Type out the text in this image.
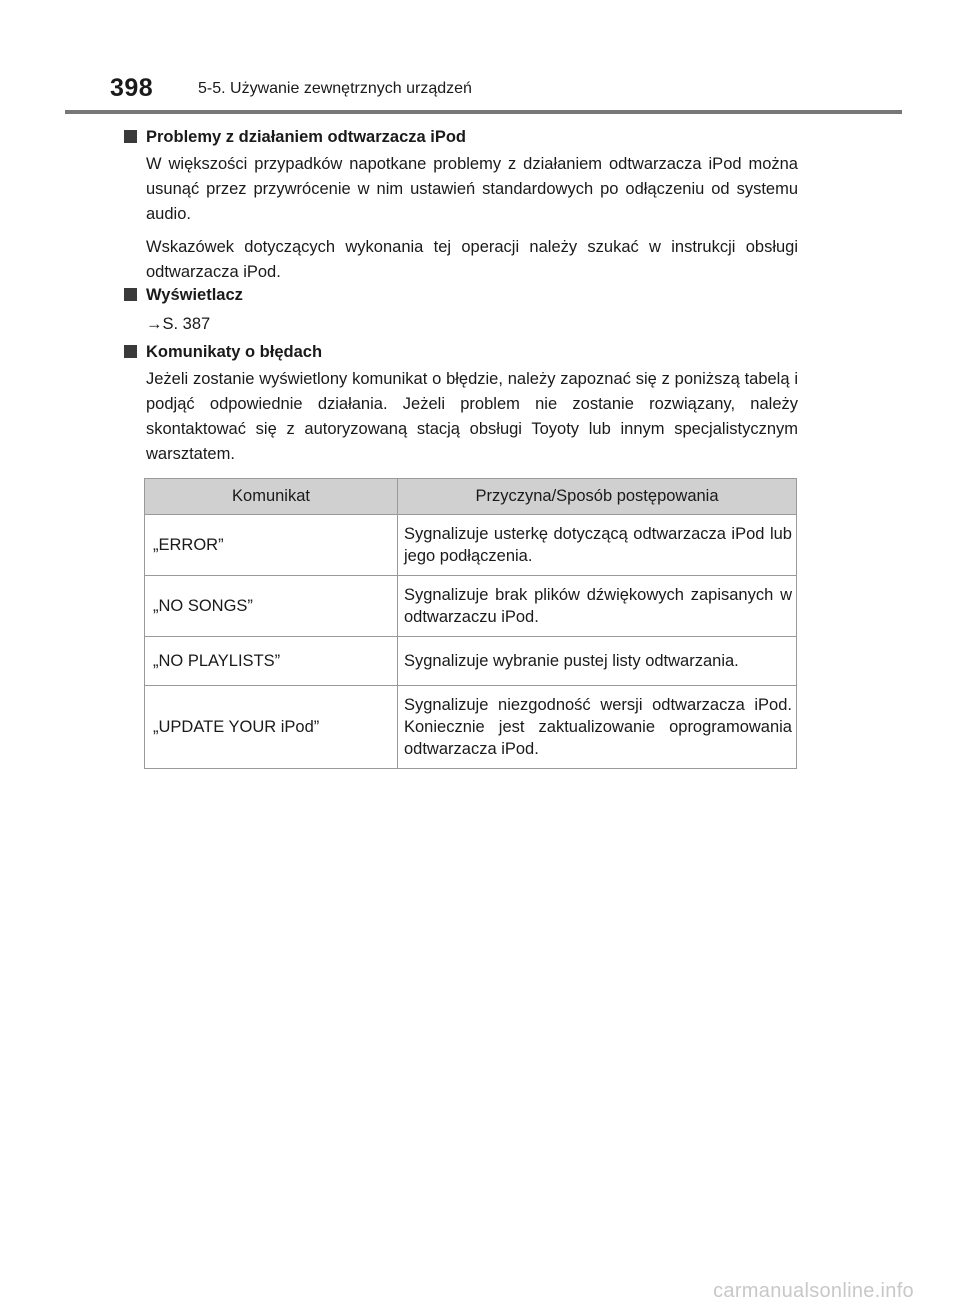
398	5-5. Używanie zewnętrznych urządzeń
Problemy z działaniem odtwarzacza iPod
W większości przypadków napotkane problemy z działaniem odtwarzacza iPod można usunąć przez przywrócenie w nim ustawień standardowych po odłączeniu od systemu audio.
Wskazówek dotyczących wykonania tej operacji należy szukać w instrukcji obsługi odtwarzacza iPod.
Wyświetlacz
→S. 387
Komunikaty o błędach
Jeżeli zostanie wyświetlony komunikat o błędzie, należy zapoznać się z poniższą tabelą i podjąć odpowiednie działania. Jeżeli problem nie zostanie rozwiązany, należy skontaktować się z autoryzowaną stacją obsługi Toyoty lub innym specjalistycznym warsztatem.
Komunikat	Przyczyna/Sposób postępowania
„ERROR”	Sygnalizuje usterkę dotyczącą odtwarzacza iPod lub jego podłączenia.
„NO SONGS”	Sygnalizuje brak plików dźwiękowych zapisanych w odtwarzaczu iPod.
„NO PLAYLISTS”	Sygnalizuje wybranie pustej listy odtwarzania.
„UPDATE YOUR iPod”	Sygnalizuje niezgodność wersji odtwarzacza iPod. Koniecznie jest zaktualizowanie oprogramowania odtwarzacza iPod.
carmanualsonline.info
